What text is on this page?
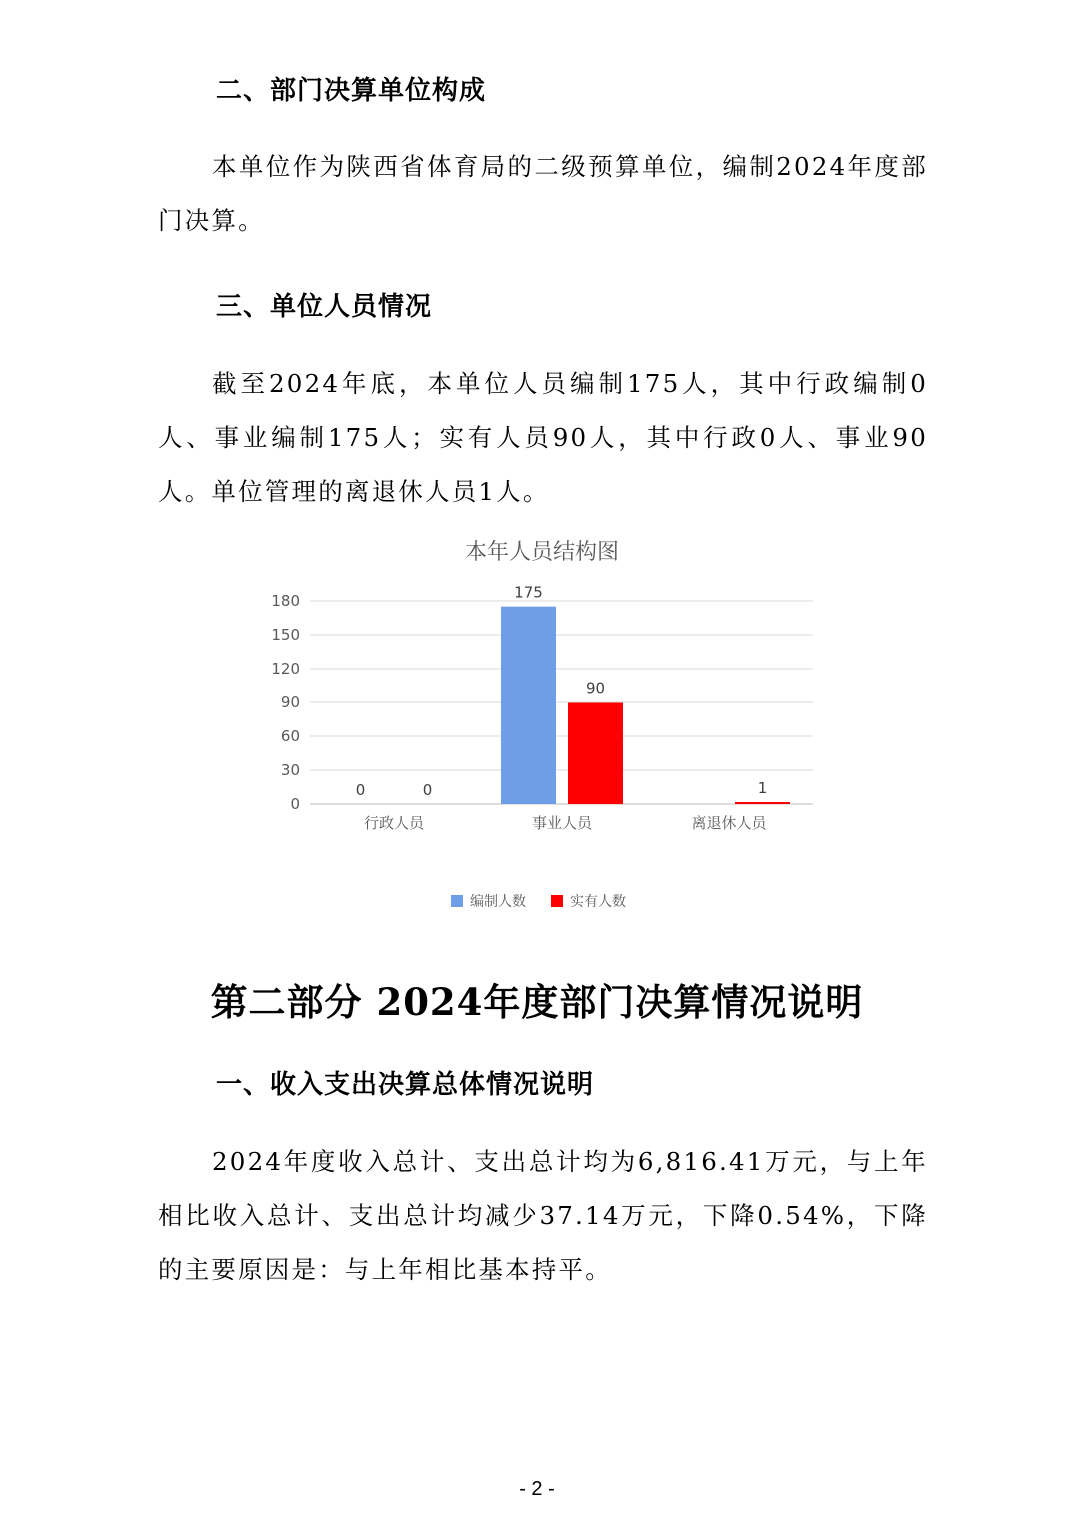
二、部门决算单位构成

本单位作为陕西省体育局的二级预算单位，编制2024年度部门决算。

三、单位人员情况

截至2024年底，本单位人员编制175人，其中行政编制0人、事业编制175人；实有人员90人，其中行政0人、事业90人。单位管理的离退休人员1人。

本年人员结构图
180
150
120
90
60
30
0
0
175
0
90
1
行政人员	事业人员	离退休人员
编制人数	实有人数
第二部分 2024年度部门决算情况说明
一、收入支出决算总体情况说明

2024年度收入总计、支出总计均为6,816.41万元，与上年相比收入总计、支出总计均减少37.14万元，下降0.54%，下降的主要原因是：与上年相比基本持平。

- 2 -
